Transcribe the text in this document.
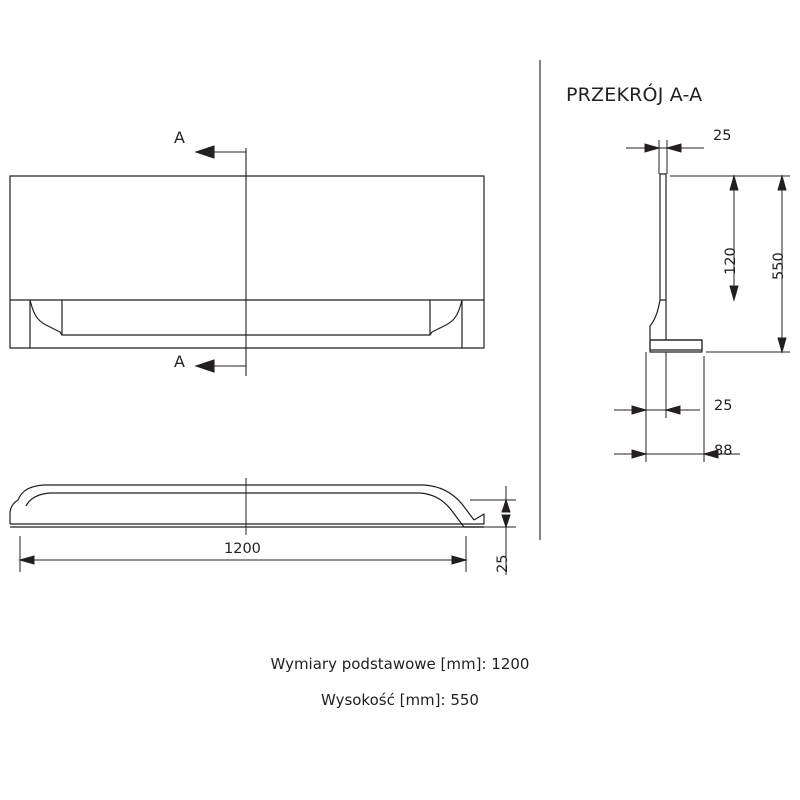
PRZEKRÓJ A-A
A
A
1200
25
25
550
120
25
88
Wymiary podstawowe [mm]: 1200
Wysokość [mm]: 550
